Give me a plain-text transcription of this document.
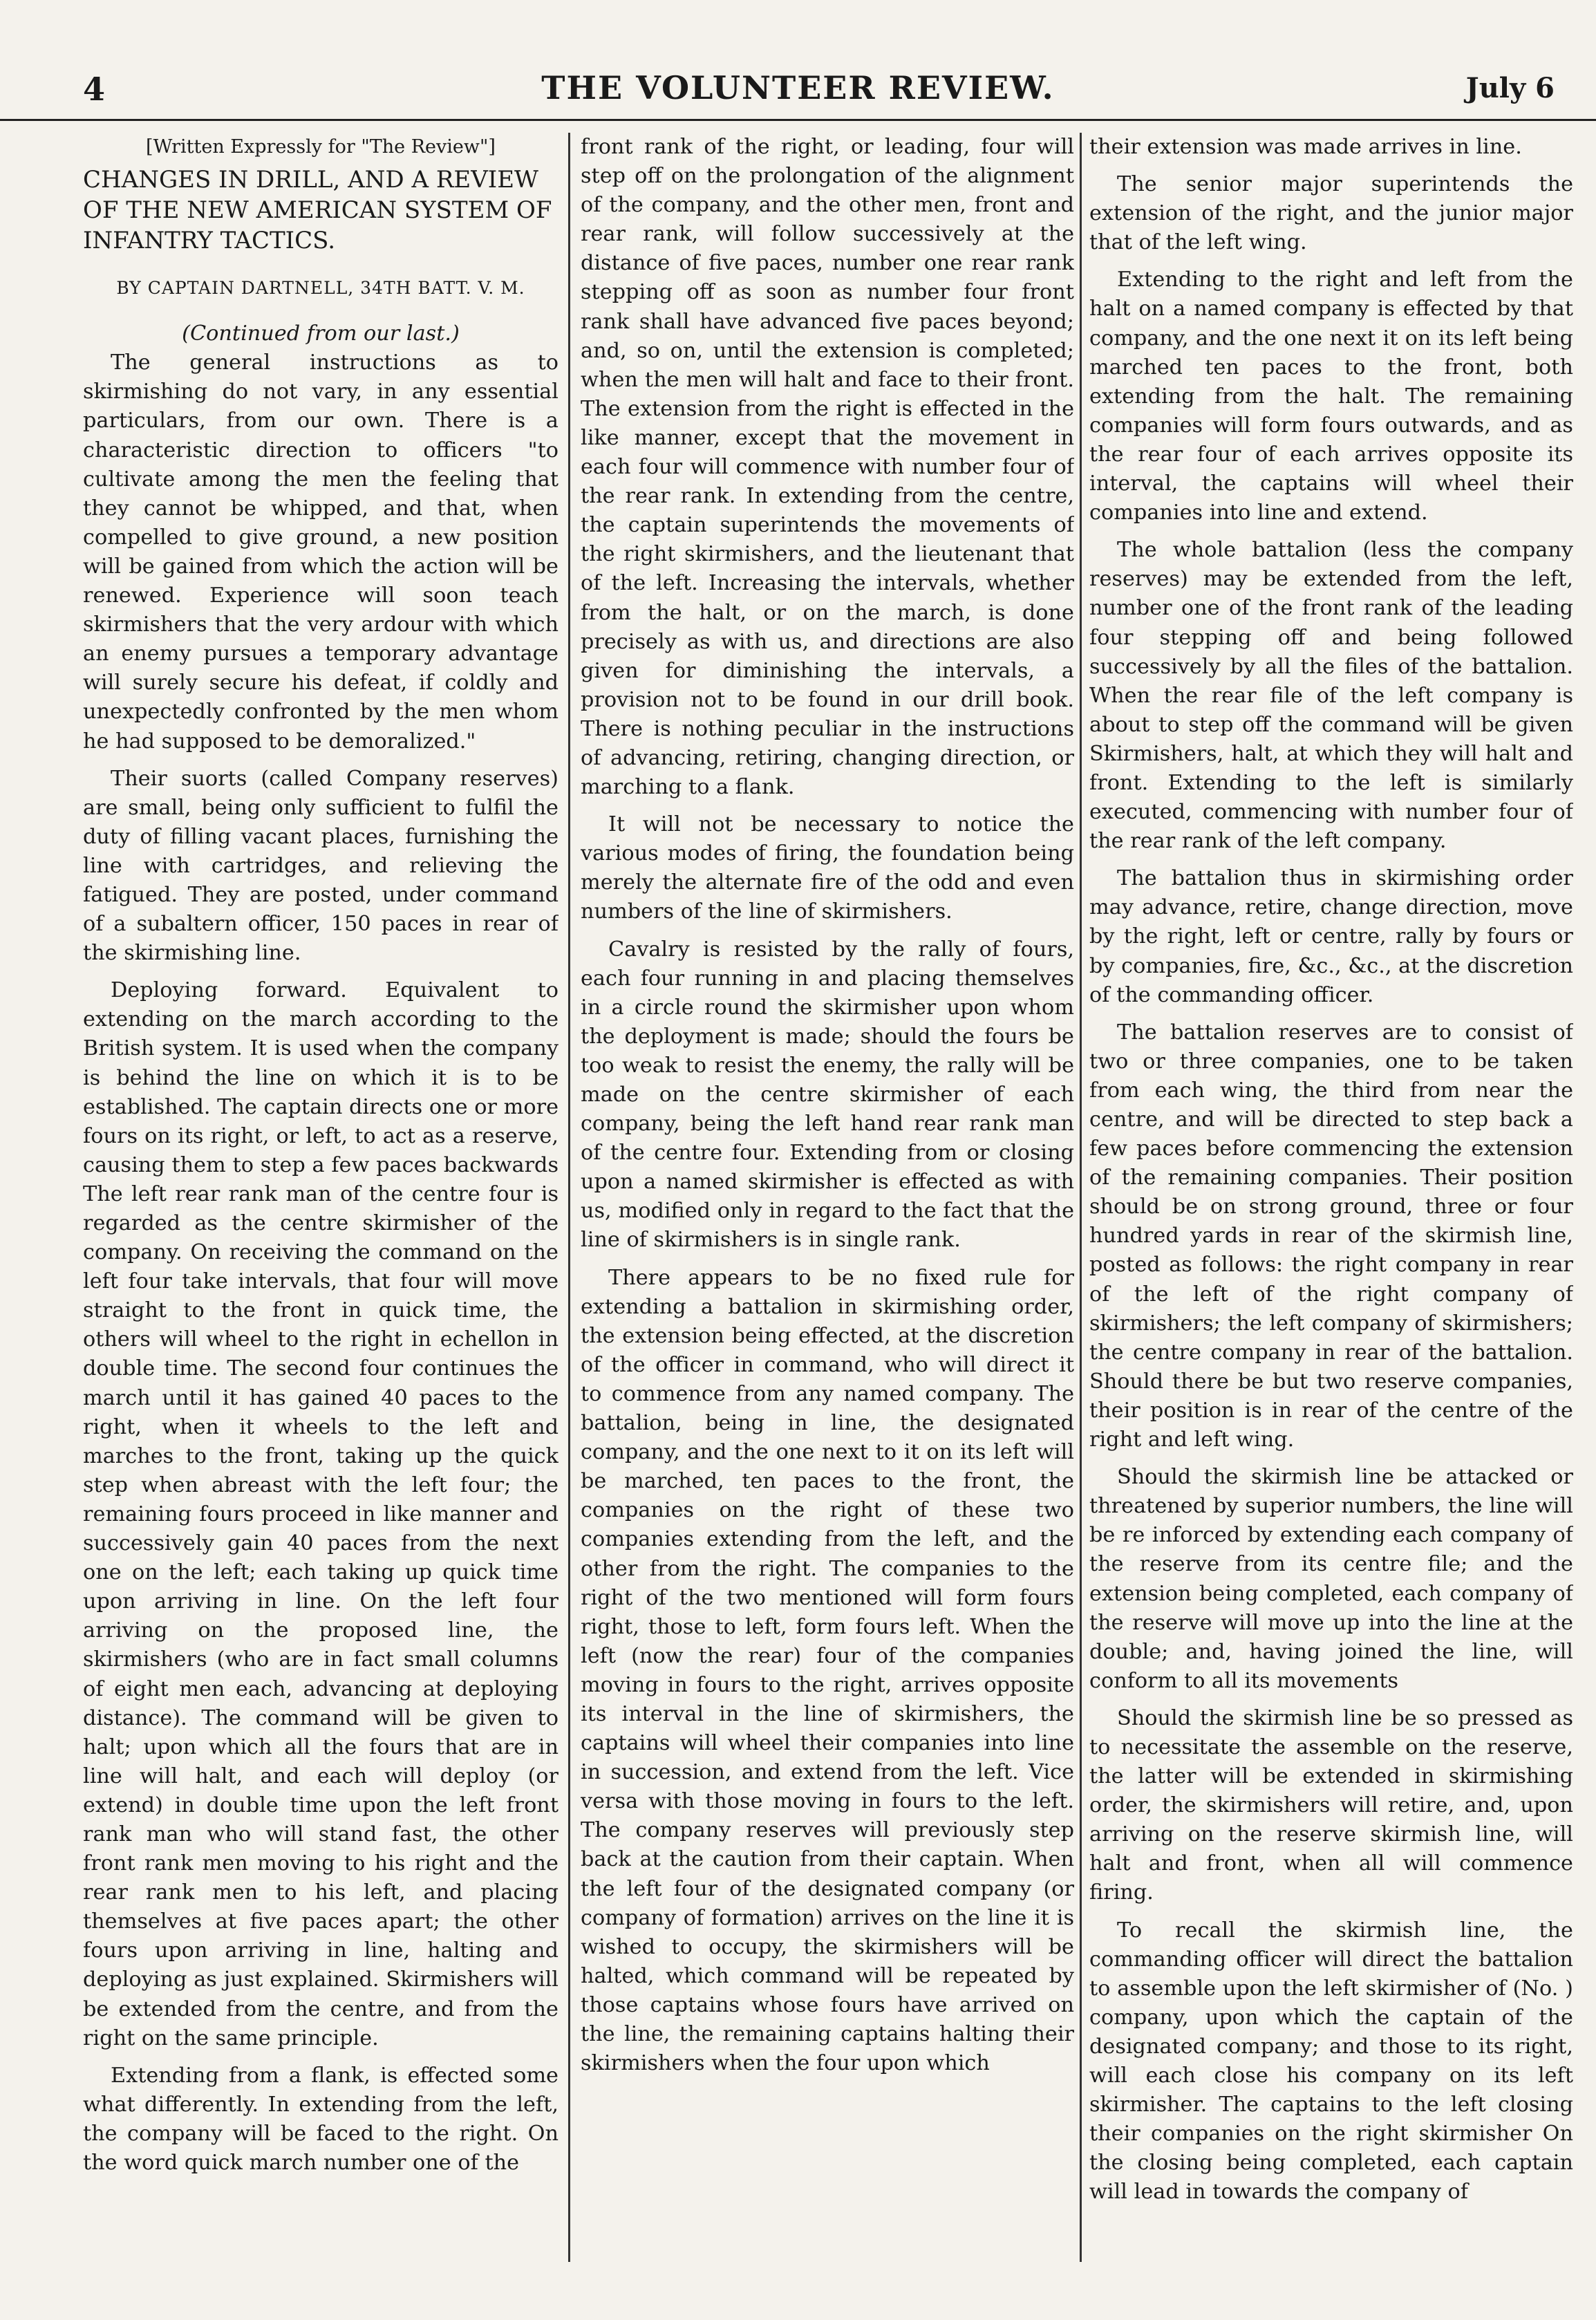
4	THE VOLUNTEER REVIEW.	July 6

[Written Expressly for "The Review"]

CHANGES IN DRILL, AND A REVIEW OF THE NEW AMERICAN SYSTEM OF INFANTRY TACTICS.

BY CAPTAIN DARTNELL, 34TH BATT. V. M.

(Continued from our last.)

The general instructions as to skirmishing do not vary, in any essential particulars, from our own. There is a characteristic direction to officers "to cultivate among the men the feeling that they cannot be whipped, and that, when compelled to give ground, a new position will be gained from which the action will be renewed. Experience will soon teach skirmishers that the very ardour with which an enemy pursues a temporary advantage will surely secure his defeat, if coldly and unexpectedly confronted by the men whom he had supposed to be demoralized."

Their suorts (called Company reserves) are small, being only sufficient to fulfil the duty of filling vacant places, furnishing the line with cartridges, and relieving the fatigued. They are posted, under command of a subaltern officer, 150 paces in rear of the skirmishing line.

Deploying forward. Equivalent to extending on the march according to the British system. It is used when the company is behind the line on which it is to be established. The captain directs one or more fours on its right, or left, to act as a reserve, causing them to step a few paces backwards The left rear rank man of the centre four is regarded as the centre skirmisher of the company. On receiving the command on the left four take intervals, that four will move straight to the front in quick time, the others will wheel to the right in echellon in double time. The second four continues the march until it has gained 40 paces to the right, when it wheels to the left and marches to the front, taking up the quick step when abreast with the left four; the remaining fours proceed in like manner and successively gain 40 paces from the next one on the left; each taking up quick time upon arriving in line. On the left four arriving on the proposed line, the skirmishers (who are in fact small columns of eight men each, advancing at deploying distance). The command will be given to halt; upon which all the fours that are in line will halt, and each will deploy (or extend) in double time upon the left front rank man who will stand fast, the other front rank men moving to his right and the rear rank men to his left, and placing themselves at five paces apart; the other fours upon arriving in line, halting and deploying as just explained. Skirmishers will be extended from the centre, and from the right on the same principle.

Extending from a flank, is effected some what differently. In extending from the left, the company will be faced to the right. On the word quick march number one of the

front rank of the right, or leading, four will step off on the prolongation of the alignment of the company, and the other men, front and rear rank, will follow successively at the distance of five paces, number one rear rank stepping off as soon as number four front rank shall have advanced five paces beyond; and, so on, until the extension is completed; when the men will halt and face to their front. The extension from the right is effected in the like manner, except that the movement in each four will commence with number four of the rear rank. In extending from the centre, the captain superintends the movements of the right skirmishers, and the lieutenant that of the left. Increasing the intervals, whether from the halt, or on the march, is done precisely as with us, and directions are also given for diminishing the intervals, a provision not to be found in our drill book. There is nothing peculiar in the instructions of advancing, retiring, changing direction, or marching to a flank.

It will not be necessary to notice the various modes of firing, the foundation being merely the alternate fire of the odd and even numbers of the line of skirmishers.

Cavalry is resisted by the rally of fours, each four running in and placing themselves in a circle round the skirmisher upon whom the deployment is made; should the fours be too weak to resist the enemy, the rally will be made on the centre skirmisher of each company, being the left hand rear rank man of the centre four. Extending from or closing upon a named skirmisher is effected as with us, modified only in regard to the fact that the line of skirmishers is in single rank.

There appears to be no fixed rule for extending a battalion in skirmishing order, the extension being effected, at the discretion of the officer in command, who will direct it to commence from any named company. The battalion, being in line, the designated company, and the one next to it on its left will be marched, ten paces to the front, the companies on the right of these two companies extending from the left, and the other from the right. The companies to the right of the two mentioned will form fours right, those to left, form fours left. When the left (now the rear) four of the companies moving in fours to the right, arrives opposite its interval in the line of skirmishers, the captains will wheel their companies into line in succession, and extend from the left. Vice versa with those moving in fours to the left. The company reserves will previously step back at the caution from their captain. When the left four of the designated company (or company of formation) arrives on the line it is wished to occupy, the skirmishers will be halted, which command will be repeated by those captains whose fours have arrived on the line, the remaining captains halting their skirmishers when the four upon which

their extension was made arrives in line.

The senior major superintends the extension of the right, and the junior major that of the left wing.

Extending to the right and left from the halt on a named company is effected by that company, and the one next it on its left being marched ten paces to the front, both extending from the halt. The remaining companies will form fours outwards, and as the rear four of each arrives opposite its interval, the captains will wheel their companies into line and extend.

The whole battalion (less the company reserves) may be extended from the left, number one of the front rank of the leading four stepping off and being followed successively by all the files of the battalion. When the rear file of the left company is about to step off the command will be given Skirmishers, halt, at which they will halt and front. Extending to the left is similarly executed, commencing with number four of the rear rank of the left company.

The battalion thus in skirmishing order may advance, retire, change direction, move by the right, left or centre, rally by fours or by companies, fire, &c., &c., at the discretion of the commanding officer.

The battalion reserves are to consist of two or three companies, one to be taken from each wing, the third from near the centre, and will be directed to step back a few paces before commencing the extension of the remaining companies. Their position should be on strong ground, three or four hundred yards in rear of the skirmish line, posted as follows: the right company in rear of the left of the right company of skirmishers; the left company of skirmishers; the centre company in rear of the battalion. Should there be but two reserve companies, their position is in rear of the centre of the right and left wing.

Should the skirmish line be attacked or threatened by superior numbers, the line will be re inforced by extending each company of the reserve from its centre file; and the extension being completed, each company of the reserve will move up into the line at the double; and, having joined the line, will conform to all its movements

Should the skirmish line be so pressed as to necessitate the assemble on the reserve, the latter will be extended in skirmishing order, the skirmishers will retire, and, upon arriving on the reserve skirmish line, will halt and front, when all will commence firing.

To recall the skirmish line, the commanding officer will direct the battalion to assemble upon the left skirmisher of (No. ) company, upon which the captain of the designated company; and those to its right, will each close his company on its left skirmisher. The captains to the left closing their companies on the right skirmisher On the closing being completed, each captain will lead in towards the company of
